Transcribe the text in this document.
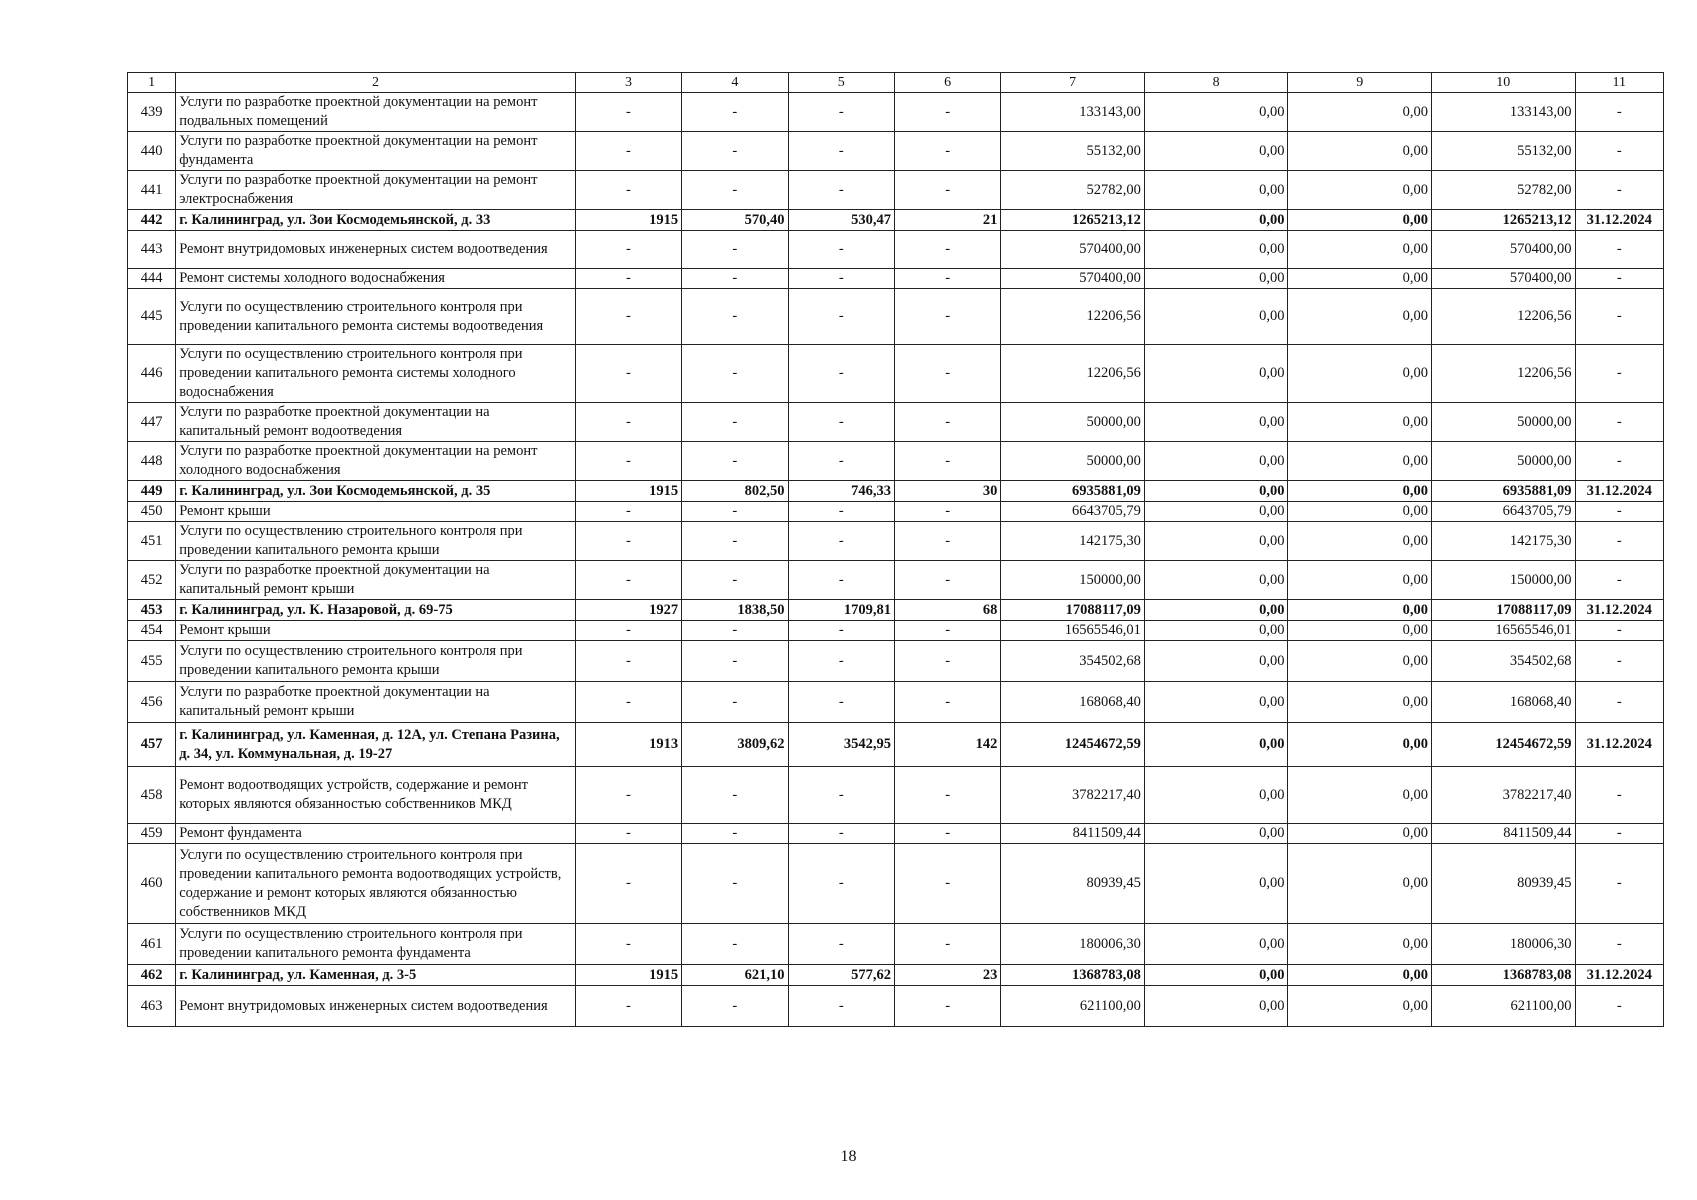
1	2	3	4	5	6	7	8	9	10	11
439	Услуги по разработке проектной документации на ремонт подвальных помещений	-	-	-	-	133143,00	0,00	0,00	133143,00	-
440	Услуги по разработке проектной документации на ремонт фундамента	-	-	-	-	55132,00	0,00	0,00	55132,00	-
441	Услуги по разработке проектной документации на ремонт электроснабжения	-	-	-	-	52782,00	0,00	0,00	52782,00	-
442	г. Калининград, ул. Зои Космодемьянской, д. 33	1915	570,40	530,47	21	1265213,12	0,00	0,00	1265213,12	31.12.2024
443	Ремонт внутридомовых инженерных систем водоотведения	-	-	-	-	570400,00	0,00	0,00	570400,00	-
444	Ремонт системы холодного водоснабжения	-	-	-	-	570400,00	0,00	0,00	570400,00	-
445	Услуги по осуществлению строительного контроля при проведении капитального ремонта системы водоотведения	-	-	-	-	12206,56	0,00	0,00	12206,56	-
446	Услуги по осуществлению строительного контроля при проведении капитального ремонта системы холодного водоснабжения	-	-	-	-	12206,56	0,00	0,00	12206,56	-
447	Услуги по разработке проектной документации на капитальный ремонт водоотведения	-	-	-	-	50000,00	0,00	0,00	50000,00	-
448	Услуги по разработке проектной документации на ремонт холодного водоснабжения	-	-	-	-	50000,00	0,00	0,00	50000,00	-
449	г. Калининград, ул. Зои Космодемьянской, д. 35	1915	802,50	746,33	30	6935881,09	0,00	0,00	6935881,09	31.12.2024
450	Ремонт крыши	-	-	-	-	6643705,79	0,00	0,00	6643705,79	-
451	Услуги по осуществлению строительного контроля при проведении капитального ремонта крыши	-	-	-	-	142175,30	0,00	0,00	142175,30	-
452	Услуги по разработке проектной документации на капитальный ремонт крыши	-	-	-	-	150000,00	0,00	0,00	150000,00	-
453	г. Калининград, ул. К. Назаровой, д. 69-75	1927	1838,50	1709,81	68	17088117,09	0,00	0,00	17088117,09	31.12.2024
454	Ремонт крыши	-	-	-	-	16565546,01	0,00	0,00	16565546,01	-
455	Услуги по осуществлению строительного контроля при проведении капитального ремонта крыши	-	-	-	-	354502,68	0,00	0,00	354502,68	-
456	Услуги по разработке проектной документации на капитальный ремонт крыши	-	-	-	-	168068,40	0,00	0,00	168068,40	-
457	г. Калининград, ул. Каменная, д. 12А, ул. Степана Разина, д. 34, ул. Коммунальная, д. 19-27	1913	3809,62	3542,95	142	12454672,59	0,00	0,00	12454672,59	31.12.2024
458	Ремонт водоотводящих устройств, содержание и ремонт которых являются обязанностью собственников МКД	-	-	-	-	3782217,40	0,00	0,00	3782217,40	-
459	Ремонт фундамента	-	-	-	-	8411509,44	0,00	0,00	8411509,44	-
460	Услуги по осуществлению строительного контроля при проведении капитального ремонта водоотводящих устройств, содержание и ремонт которых являются обязанностью собственников МКД	-	-	-	-	80939,45	0,00	0,00	80939,45	-
461	Услуги по осуществлению строительного контроля при проведении капитального ремонта фундамента	-	-	-	-	180006,30	0,00	0,00	180006,30	-
462	г. Калининград, ул. Каменная, д. 3-5	1915	621,10	577,62	23	1368783,08	0,00	0,00	1368783,08	31.12.2024
463	Ремонт внутридомовых инженерных систем водоотведения	-	-	-	-	621100,00	0,00	0,00	621100,00	-
18
